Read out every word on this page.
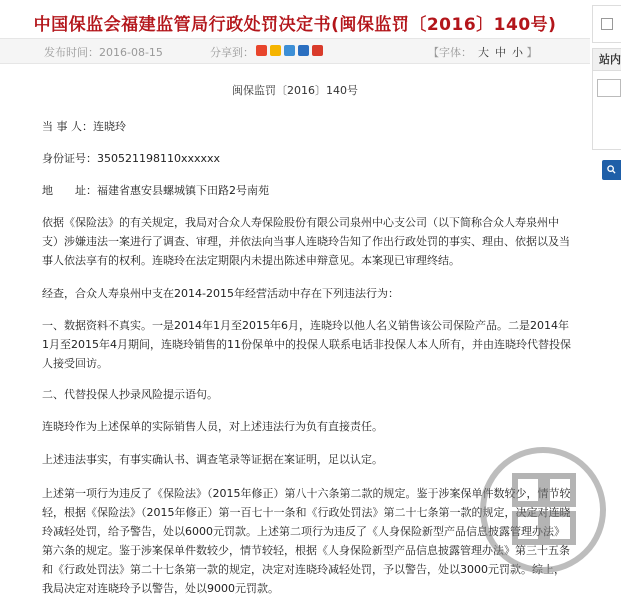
中国保监会福建监管局行政处罚决定书(闽保监罚〔2016〕140号)
发布时间：2016-08-15	分享到：	【字体： 大 中 小 】
闽保监罚〔2016〕140号

当 事 人：连晓玲

身份证号：350521198110xxxxxx

地　　址：福建省惠安县螺城镇下田路2号南苑

依据《保险法》的有关规定，我局对合众人寿保险股份有限公司泉州中心支公司（以下简称合众人寿泉州中支）涉嫌违法一案进行了调查、审理，并依法向当事人连晓玲告知了作出行政处罚的事实、理由、依据以及当事人依法享有的权利。连晓玲在法定期限内未提出陈述申辩意见。本案现已审理终结。

经查，合众人寿泉州中支在2014-2015年经营活动中存在下列违法行为：

一、数据资料不真实。一是2014年1月至2015年6月，连晓玲以他人名义销售该公司保险产品。二是2014年1月至2015年4月期间，连晓玲销售的11份保单中的投保人联系电话非投保人本人所有，并由连晓玲代替投保人接受回访。

二、代替投保人抄录风险提示语句。

连晓玲作为上述保单的实际销售人员，对上述违法行为负有直接责任。

上述违法事实，有事实确认书、调查笔录等证据在案证明，足以认定。

上述第一项行为违反了《保险法》（2015年修正）第八十六条第二款的规定。鉴于涉案保单件数较少，情节较轻，根据《保险法》（2015年修正）第一百七十一条和《行政处罚法》第二十七条第一款的规定，决定对连晓玲减轻处罚，给予警告，处以6000元罚款。上述第二项行为违反了《人身保险新型产品信息披露管理办法》第六条的规定。鉴于涉案保单件数较少，情节较轻，根据《人身保险新型产品信息披露管理办法》第三十五条和《行政处罚法》第二十七条第一款的规定，决定对连晓玲减轻处罚，予以警告，处以3000元罚款。综上，我局决定对连晓玲予以警告，处以9000元罚款。

站内
